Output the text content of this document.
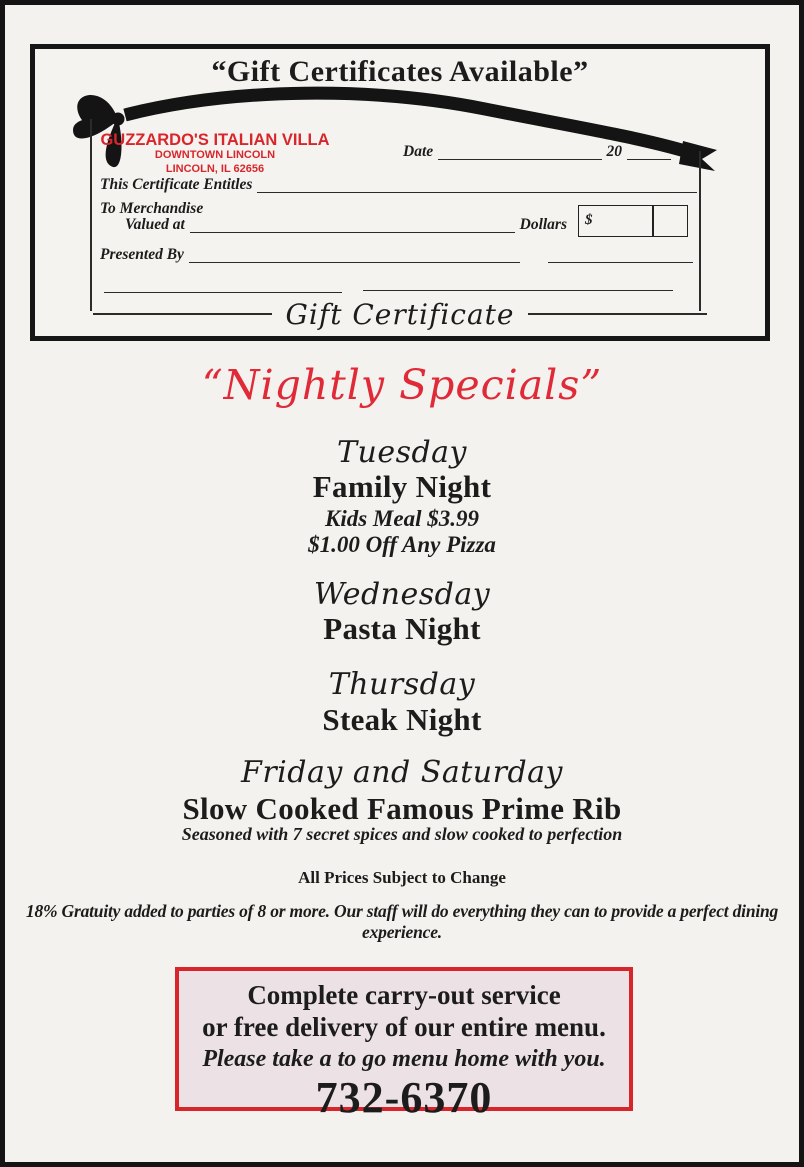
“Gift Certificates Available”
GUZZARDO'S ITALIAN VILLA
DOWNTOWN LINCOLN
LINCOLN, IL 62656
Date	20
This Certificate Entitles
To Merchandise
Valued at	Dollars $
Presented By
Gift Certificate
“Nightly Specials”
Tuesday
Family Night
Kids Meal $3.99
$1.00 Off Any Pizza
Wednesday
Pasta Night
Thursday
Steak Night
Friday and Saturday
Slow Cooked Famous Prime Rib
Seasoned with 7 secret spices and slow cooked to perfection
All Prices Subject to Change
18% Gratuity added to parties of 8 or more. Our staff will do everything they can to provide a perfect dining experience.
Complete carry-out service
or free delivery of our entire menu.
Please take a to go menu home with you.
732-6370
